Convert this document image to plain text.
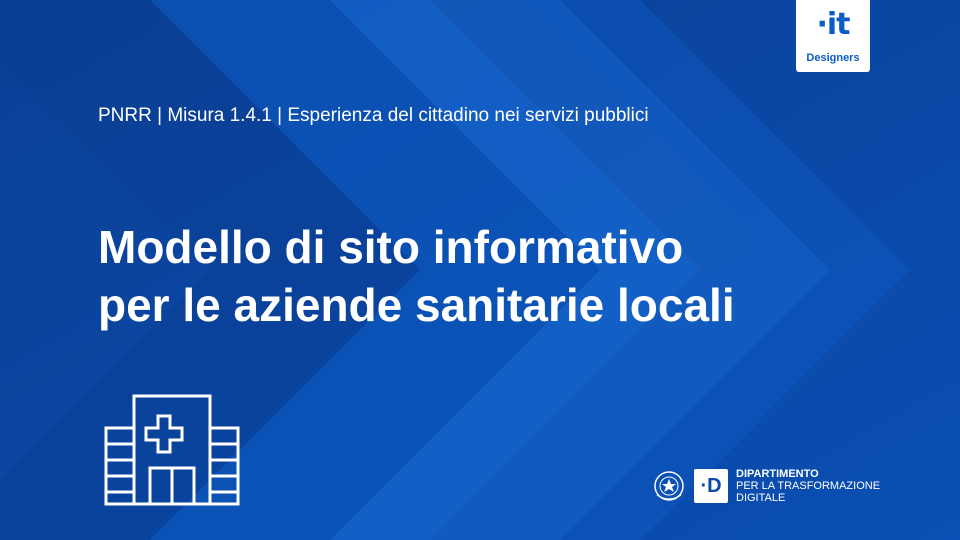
·it
Designers
PNRR | Misura 1.4.1 | Esperienza del cittadino nei servizi pubblici
Modello di sito informativo
per le aziende sanitarie locali
·D
DIPARTIMENTO
PER LA TRASFORMAZIONE
DIGITALE
